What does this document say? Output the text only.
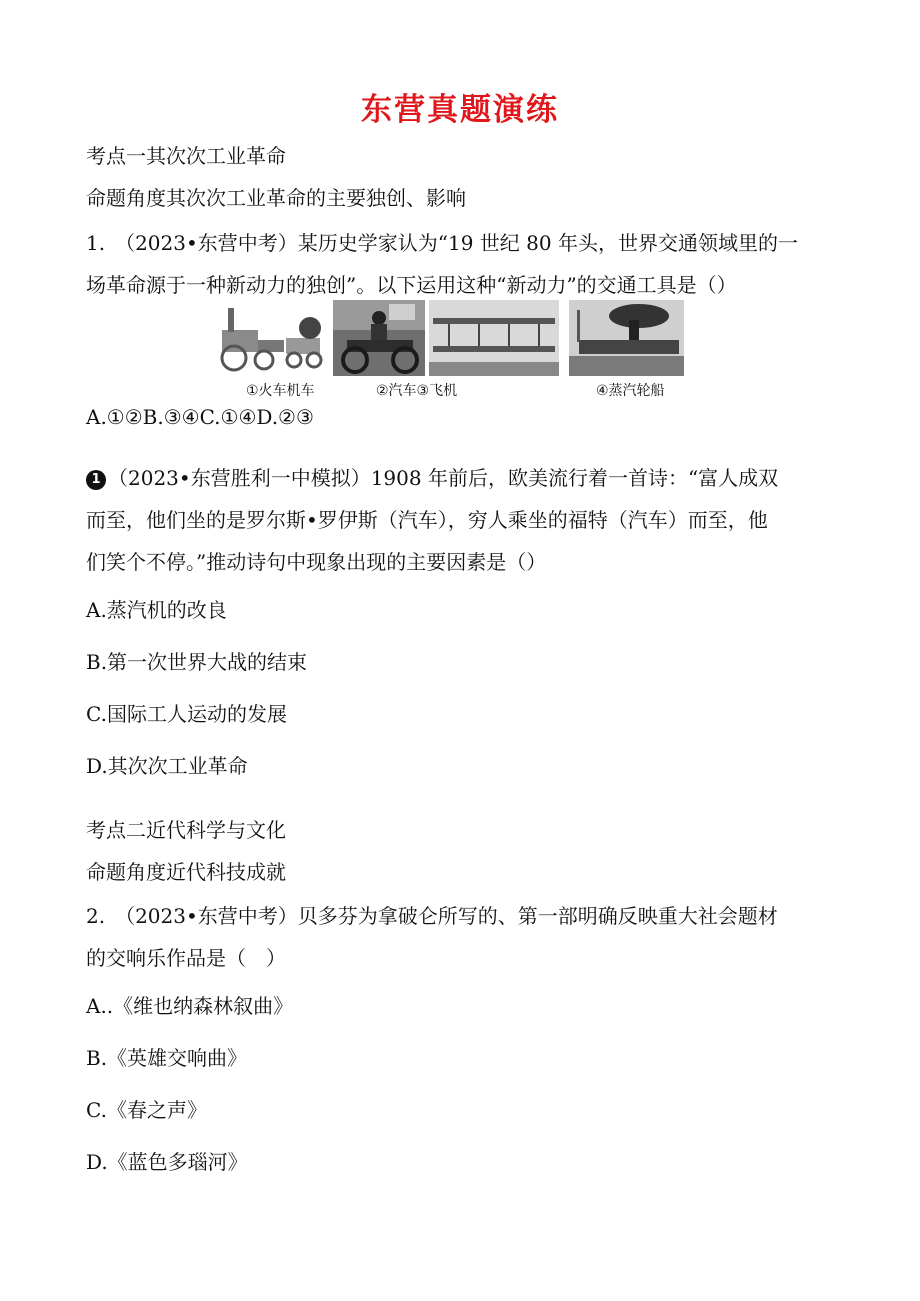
东营真题演练
考点一其次次工业革命
命题角度其次次工业革命的主要独创、影响
1.　（2023•东营中考）某历史学家认为“19 世纪 80 年头，世界交通领域里的一
场革命源于一种新动力的独创”。以下运用这种“新动力”的交通工具是（）
①火车机车	②汽车③飞机	④蒸汽轮船
A.①②B.③④C.①④D.②③
1 （2023•东营胜利一中模拟）1908 年前后，欧美流行着一首诗：“富人成双
而至，他们坐的是罗尔斯•罗伊斯（汽车），穷人乘坐的福特（汽车）而至，他
们笑个不停。”推动诗句中现象出现的主要因素是（）
A.蒸汽机的改良
B.第一次世界大战的结束
C.国际工人运动的发展
D.其次次工业革命
考点二近代科学与文化
命题角度近代科技成就
2.　（2023•东营中考）贝多芬为拿破仑所写的、第一部明确反映重大社会题材
的交响乐作品是（　）
A..《维也纳森林叙曲》
B.《英雄交响曲》
C.《春之声》
D.《蓝色多瑙河》
